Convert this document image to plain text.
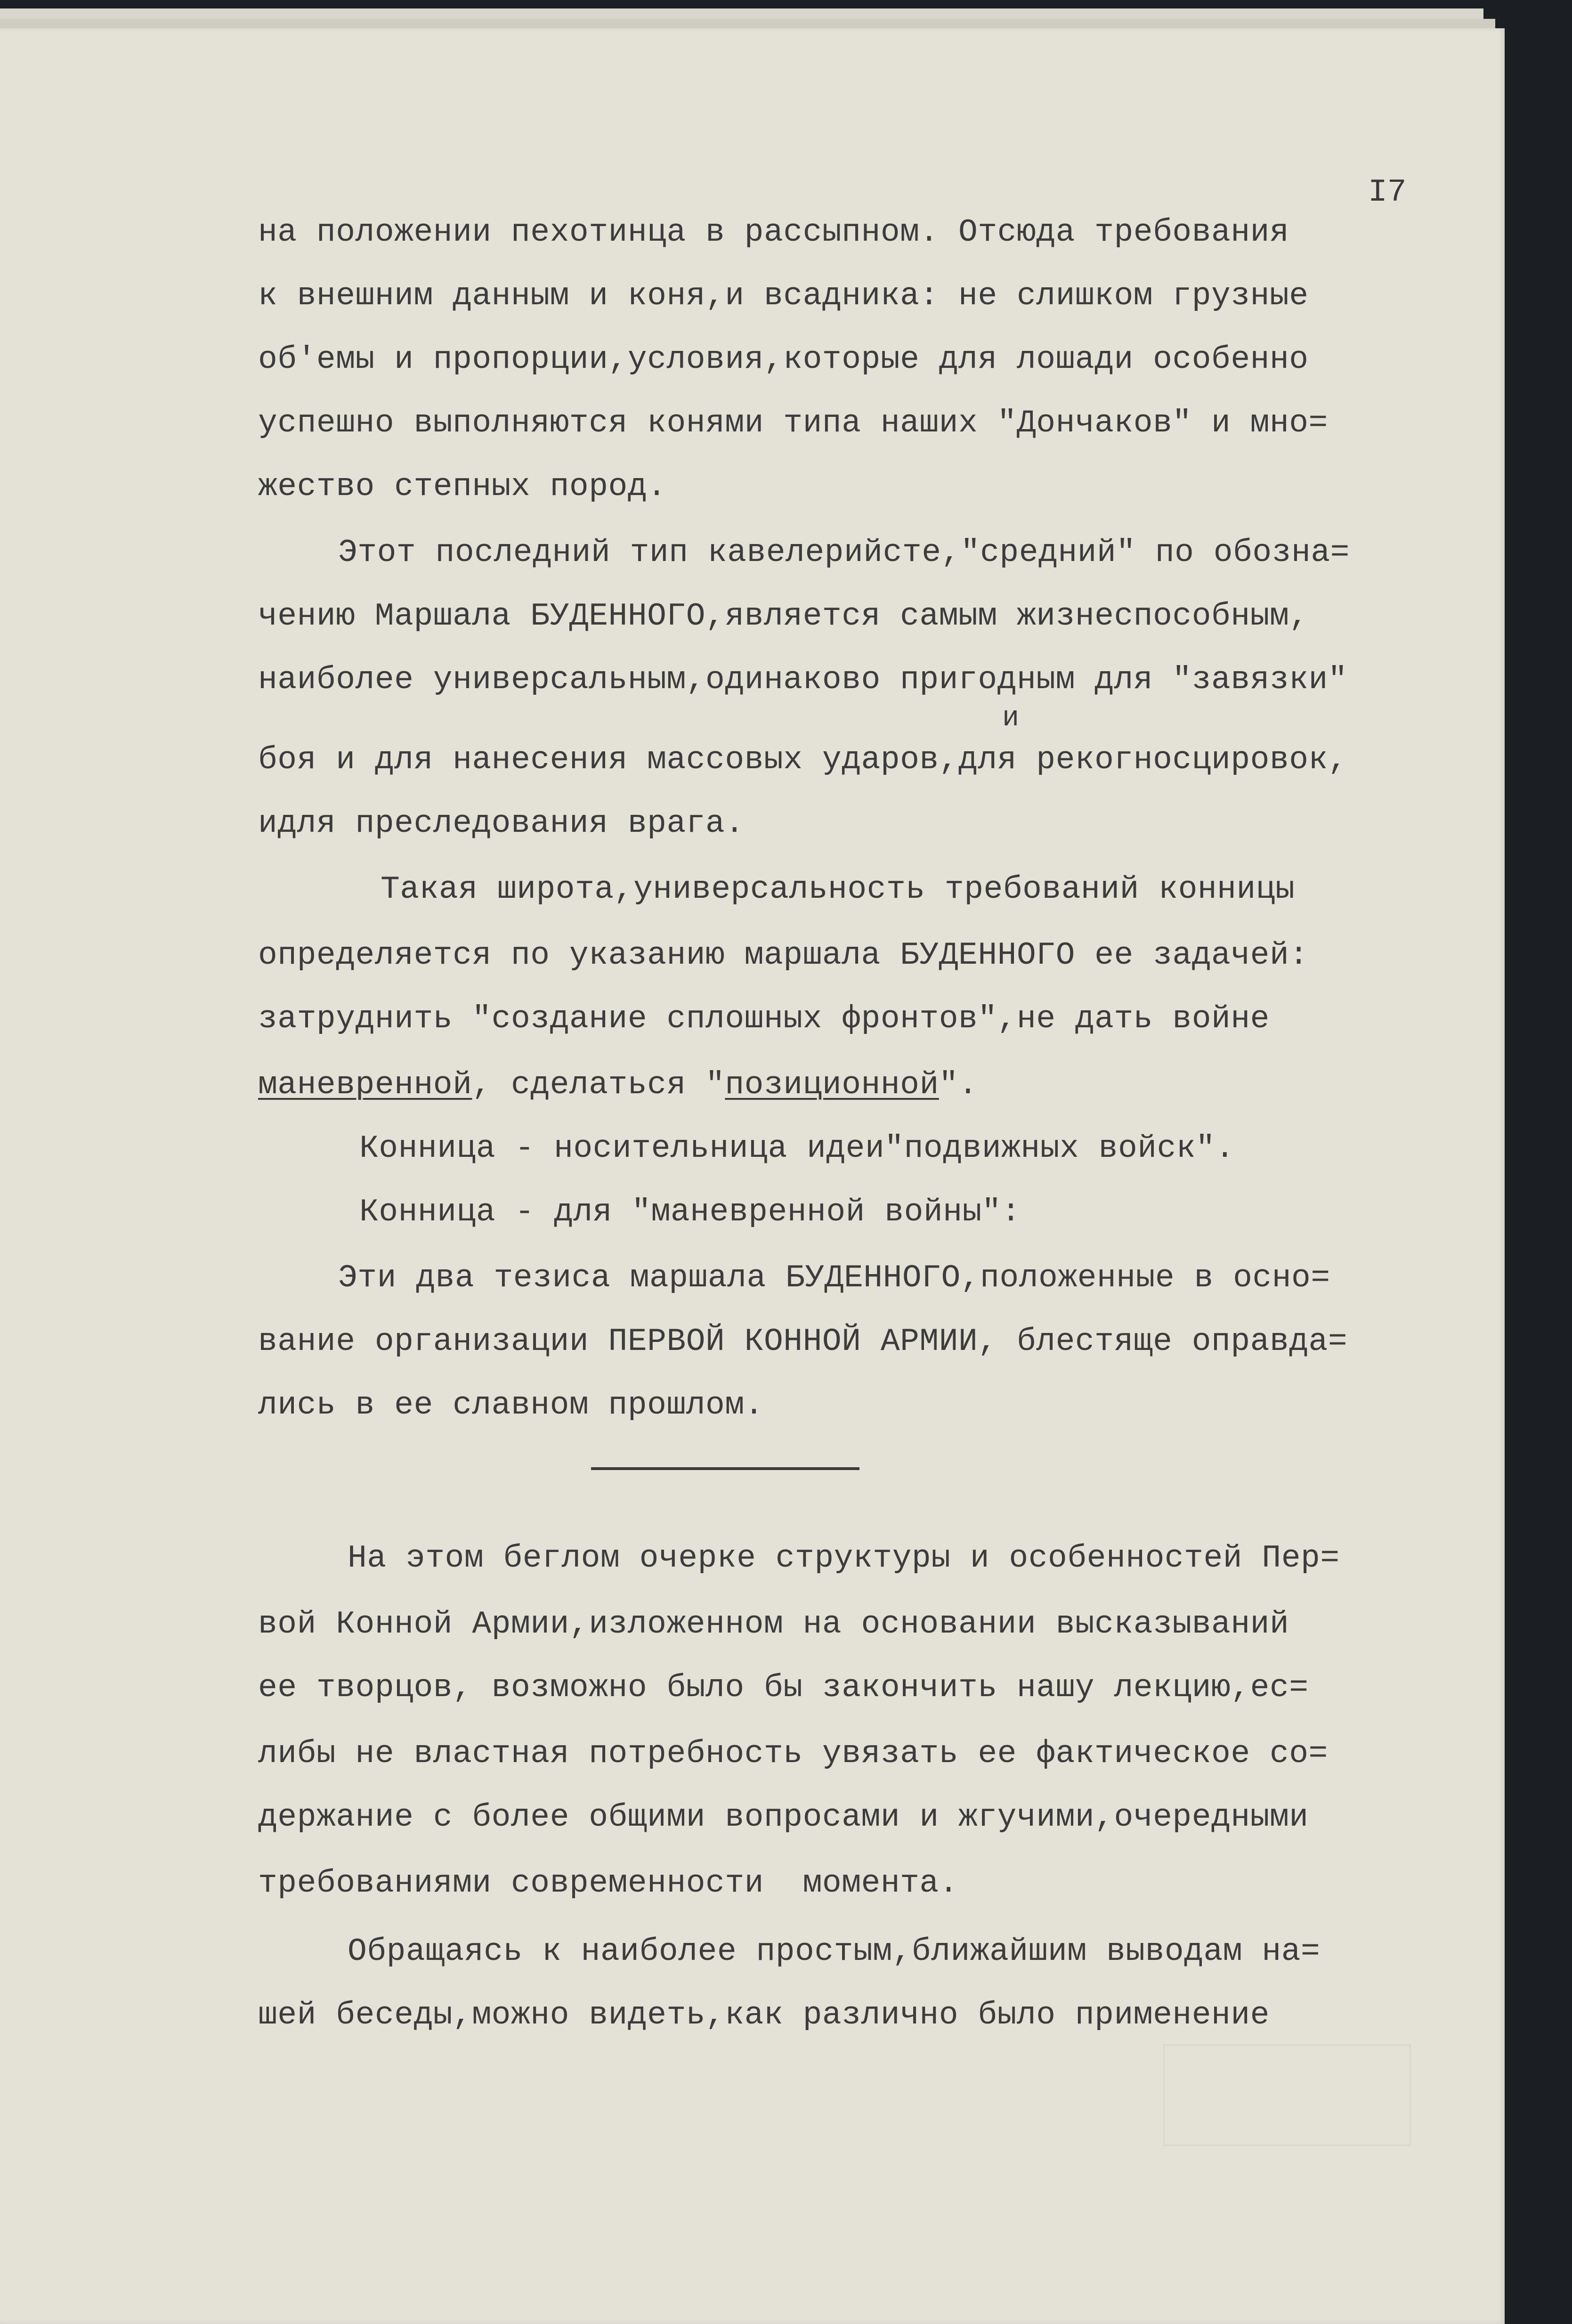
I7

на положении пехотинца в рассыпном. Отсюда требования

к внешним данным и коня,и всадника: не слишком грузные

об'емы и пропорции,условия,которые для лошади особенно

успешно выполняются конями типа наших "Дончаков" и мно=

жество степных пород.

Этот последний тип кавелерийсте,"средний" по обозна=

чению Маршала БУДЕННОГО,является самым жизнеспособным,

наиболее универсальным,одинаково пригодным для "завязки"

и

боя и для нанесения массовых ударов,для рекогносцировок,

идля преследования врага.

Такая широта,универсальность требований конницы

определяется по указанию маршала БУДЕННОГО ее задачей:

затруднить "создание сплошных фронтов",не дать войне

маневренной, сделаться "позиционной".

Конница - носительница идеи"подвижных войск".

Конница - для "маневренной войны":

Эти два тезиса маршала БУДЕННОГО,положенные в осно=

вание организации ПЕРВОЙ КОННОЙ АРМИИ, блестяще оправда=

лись в ее славном прошлом.

На этом беглом очерке структуры и особенностей Пер=

вой Конной Армии,изложенном на основании высказываний

ее творцов, возможно было бы закончить нашу лекцию,ес=

либы не властная потребность увязать ее фактическое со=

держание с более общими вопросами и жгучими,очередными

требованиями современности  момента.

Обращаясь к наиболее простым,ближайшим выводам на=

шей беседы,можно видеть,как различно было применение
